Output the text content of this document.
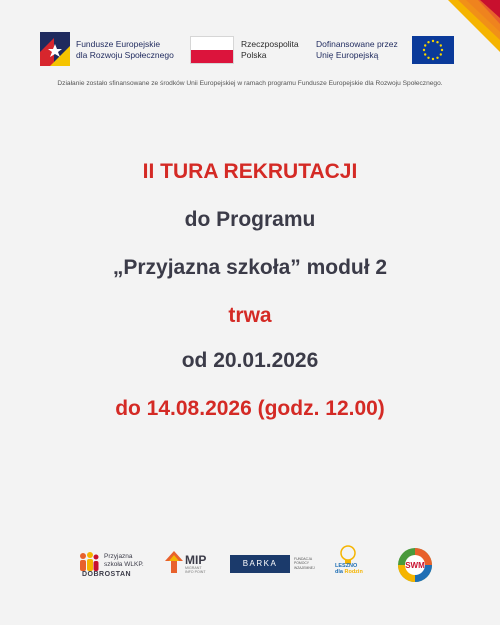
Fundusze Europejskie
dla Rozwoju Społecznego
Rzeczpospolita
Polska
Dofinansowane przez
Unię Europejską
Działanie zostało sfinansowane ze środków Unii Europejskiej w ramach programu Fundusze Europejskie dla Rozwoju Społecznego.
II TURA REKRUTACJI
do Programu
„Przyjazna szkoła” moduł 2
trwa
od 20.01.2026
do 14.08.2026 (godz. 12.00)
Przyjazna
szkoła WLKP.
DOBROSTAN
MIP
MIGRANT
INFO POINT
BARKA	FUNDACJA
POMOCY
WZAJEMNEJ	LESZNO
dla Rodzin
SWM
